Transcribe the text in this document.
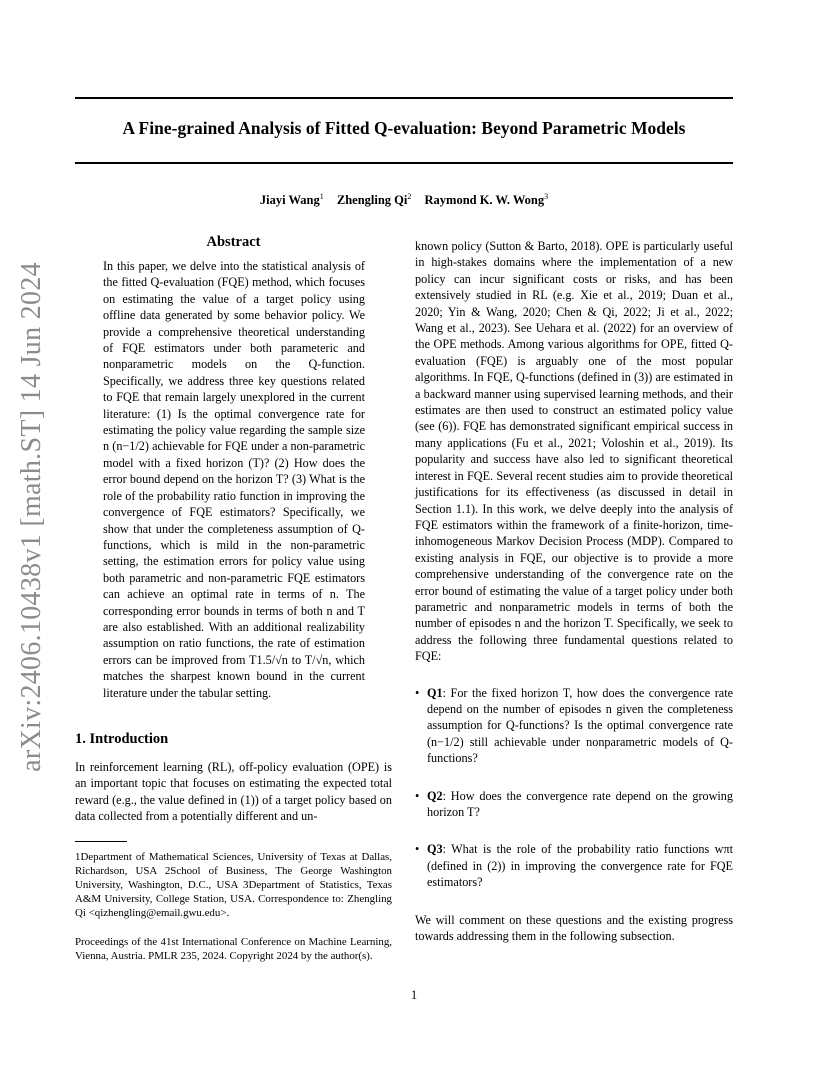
arXiv:2406.10438v1 [math.ST] 14 Jun 2024
A Fine-grained Analysis of Fitted Q-evaluation: Beyond Parametric Models
Jiayi Wang$^1$ Zhengling Qi$^2$ Raymond K. W. Wong$^3$
Abstract

In this paper, we delve into the statistical analysis of the fitted Q-evaluation (FQE) method, which focuses on estimating the value of a target policy using offline data generated by some behavior policy. We provide a comprehensive theoretical understanding of FQE estimators under both parameteric and nonparametric models on the Q-function. Specifically, we address three key questions related to FQE that remain largely unexplored in the current literature: (1) Is the optimal convergence rate for estimating the policy value regarding the sample size n (n−1/2) achievable for FQE under a non-parametric model with a fixed horizon (T)? (2) How does the error bound depend on the horizon T? (3) What is the role of the probability ratio function in improving the convergence of FQE estimators? Specifically, we show that under the completeness assumption of Q-functions, which is mild in the non-parametric setting, the estimation errors for policy value using both parametric and non-parametric FQE estimators can achieve an optimal rate in terms of n. The corresponding error bounds in terms of both n and T are also established. With an additional realizability assumption on ratio functions, the rate of estimation errors can be improved from T1.5/√n to T/√n, which matches the sharpest known bound in the current literature under the tabular setting.

1. Introduction

In reinforcement learning (RL), off-policy evaluation (OPE) is an important topic that focuses on estimating the expected total reward (e.g., the value defined in (1)) of a target policy based on data collected from a potentially different and un-

1Department of Mathematical Sciences, University of Texas at Dallas, Richardson, USA 2School of Business, The George Washington University, Washington, D.C., USA 3Department of Statistics, Texas A&M University, College Station, USA. Correspondence to: Zhengling Qi <qizhengling@email.gwu.edu>.

Proceedings of the 41st International Conference on Machine Learning, Vienna, Austria. PMLR 235, 2024. Copyright 2024 by the author(s).

known policy (Sutton & Barto, 2018). OPE is particularly useful in high-stakes domains where the implementation of a new policy can incur significant costs or risks, and has been extensively studied in RL (e.g. Xie et al., 2019; Duan et al., 2020; Yin & Wang, 2020; Chen & Qi, 2022; Ji et al., 2022; Wang et al., 2023). See Uehara et al. (2022) for an overview of the OPE methods. Among various algorithms for OPE, fitted Q-evaluation (FQE) is arguably one of the most popular algorithms. In FQE, Q-functions (defined in (3)) are estimated in a backward manner using supervised learning methods, and their estimates are then used to construct an estimated policy value (see (6)). FQE has demonstrated significant empirical success in many applications (Fu et al., 2021; Voloshin et al., 2019). Its popularity and success have also led to significant theoretical interest in FQE. Several recent studies aim to provide theoretical justifications for its effectiveness (as discussed in detail in Section 1.1). In this work, we delve deeply into the analysis of FQE estimators within the framework of a finite-horizon, time-inhomogeneous Markov Decision Process (MDP). Compared to existing analysis in FQE, our objective is to provide a more comprehensive understanding of the convergence rate on the error bound of estimating the value of a target policy under both parametric and nonparametric models in terms of both the number of episodes n and the horizon T. Specifically, we seek to address the following three fundamental questions related to FQE:

• Q1: For the fixed horizon T, how does the convergence rate depend on the number of episodes n given the completeness assumption for Q-functions? Is the optimal convergence rate (n−1/2) still achievable under nonparametric models of Q-functions?
• Q2: How does the convergence rate depend on the growing horizon T?
• Q3: What is the role of the probability ratio functions wπt (defined in (2)) in improving the convergence rate for FQE estimators?

We will comment on these questions and the existing progress towards addressing them in the following subsection.

1
